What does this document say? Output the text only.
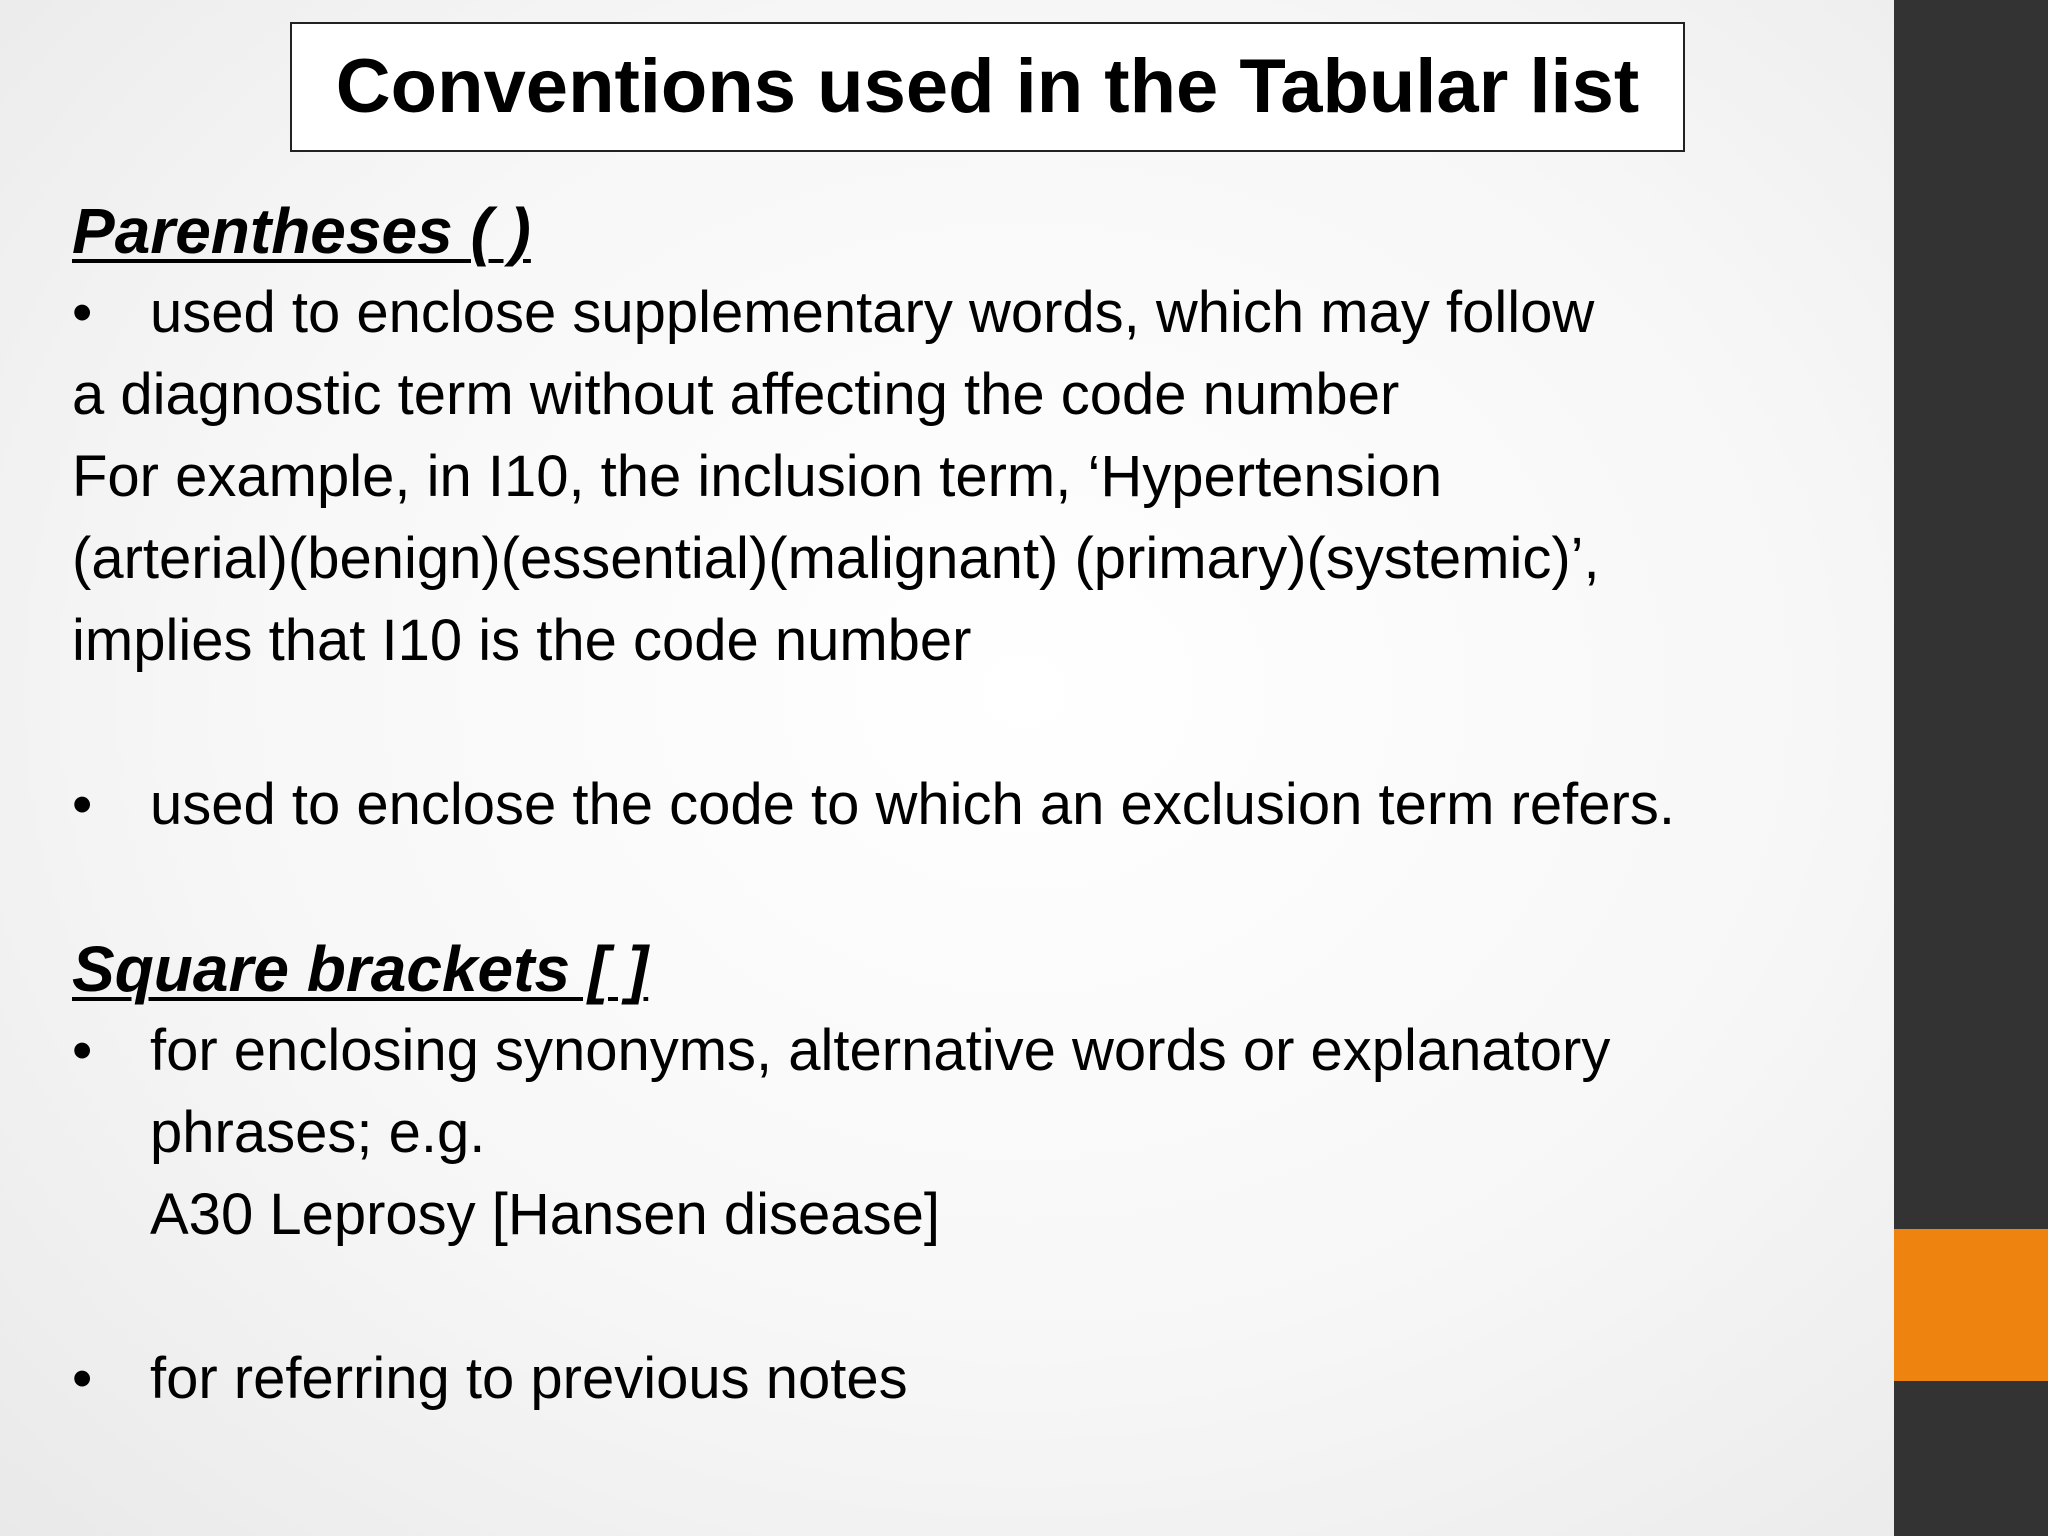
Conventions used in the Tabular list
Parentheses ( )
• used to enclose supplementary words, which may follow
a diagnostic term without affecting the code number
For example, in I10, the inclusion term, ‘Hypertension
(arterial)(benign)(essential)(malignant) (primary)(systemic)’,
implies that I10 is the code number
• used to enclose the code to which an exclusion term refers.
Square brackets [ ]
• for enclosing synonyms, alternative words or explanatory
phrases; e.g.
A30 Leprosy [Hansen disease]
• for referring to previous notes
